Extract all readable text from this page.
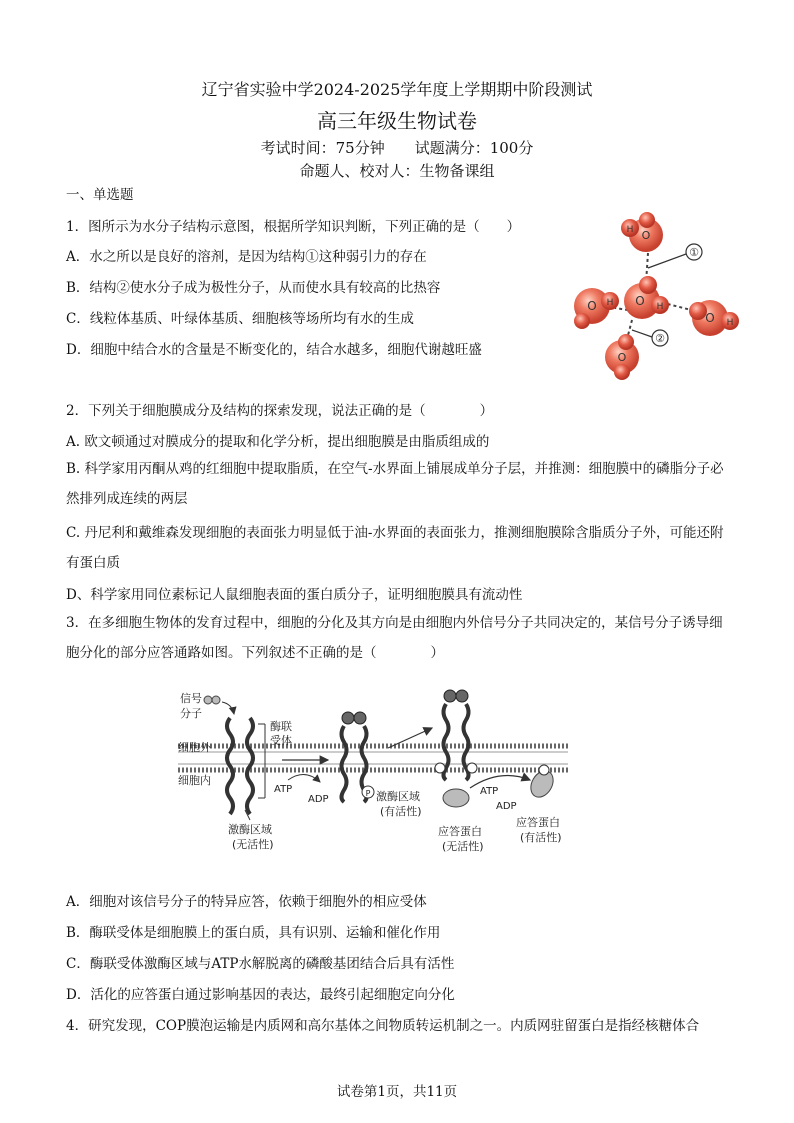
辽宁省实验中学2024-2025学年度上学期期中阶段测试
高三年级生物试卷
考试时间：75分钟　　试题满分：100分
命题人、校对人：生物备课组
一、单选题
1．图所示为水分子结构示意图，根据所学知识判断，下列正确的是（　　）
A．水之所以是良好的溶剂，是因为结构①这种弱引力的存在
B．结构②使水分子成为极性分子，从而使水具有较高的比热容
C．线粒体基质、叶绿体基质、细胞核等场所均有水的生成
D．细胞中结合水的含量是不断变化的，结合水越多，细胞代谢越旺盛
O
H
O H
O H
O H
O
①
②
2．下列关于细胞膜成分及结构的探索发现，说法正确的是（　　　　）
A. 欧文顿通过对膜成分的提取和化学分析，提出细胞膜是由脂质组成的
B. 科学家用丙酮从鸡的红细胞中提取脂质，在空气-水界面上铺展成单分子层，并推测：细胞膜中的磷脂分子必然排列成连续的两层
C. 丹尼利和戴维森发现细胞的表面张力明显低于油-水界面的表面张力，推测细胞膜除含脂质分子外，可能还附有蛋白质
D、科学家用同位素标记人鼠细胞表面的蛋白质分子，证明细胞膜具有流动性
3．在多细胞生物体的发育过程中，细胞的分化及其方向是由细胞内外信号分子共同决定的，某信号分子诱导细胞分化的部分应答通路如图。下列叙述不正确的是（　　　　）
信号
分子
细胞外
细胞内
酶联
受体
激酶区域
(无活性)
ATP
ADP
P 激酶区域
(有活性)
ATP
ADP
应答蛋白
(无活性)
应答蛋白
(有活性)
A．细胞对该信号分子的特异应答，依赖于细胞外的相应受体
B．酶联受体是细胞膜上的蛋白质，具有识别、运输和催化作用
C．酶联受体激酶区域与ATP水解脱离的磷酸基团结合后具有活性
D．活化的应答蛋白通过影响基因的表达，最终引起细胞定向分化
4．研究发现，COP膜泡运输是内质网和高尔基体之间物质转运机制之一。内质网驻留蛋白是指经核糖体合
试卷第1页，共11页
